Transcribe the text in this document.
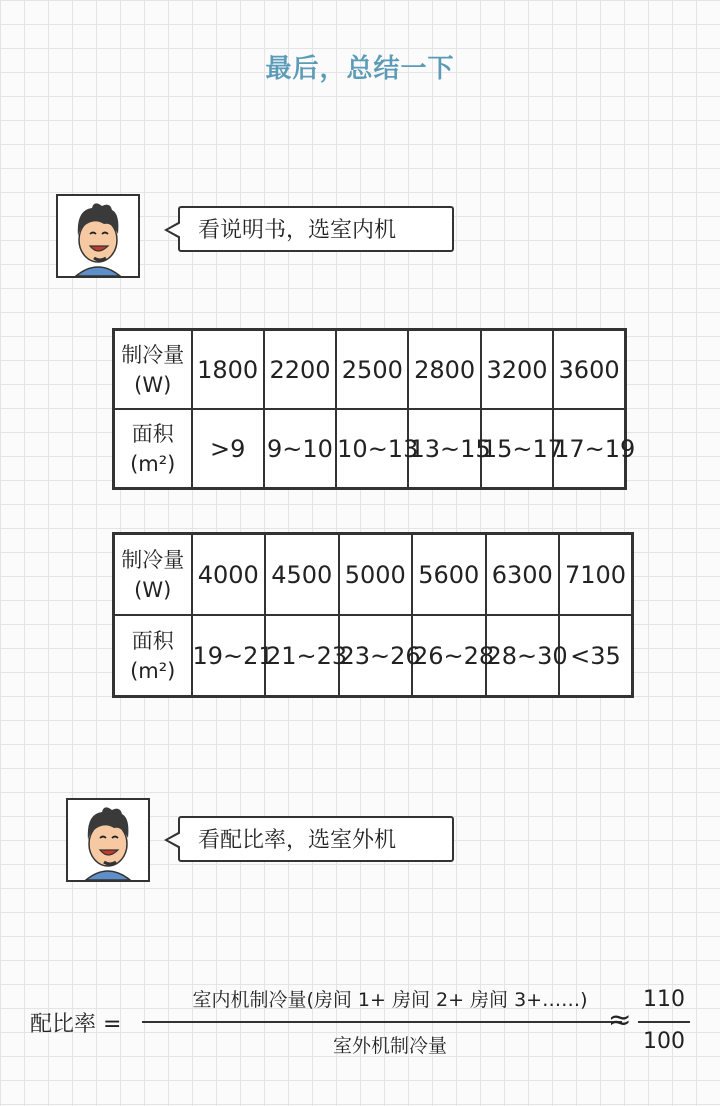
最后，总结一下
看说明书，选室内机
制冷量
(W)	1800	2200	2500	2800	3200	3600

面积
(m²)	>9	9~10	10~13	13~15	15~17	17~19
制冷量
(W)	4000	4500	5000	5600	6300	7100

面积
(m²)	19~21	21~23	23~26	26~28	28~30	<35
看配比率，选室外机
配比率 =
室内机制冷量(房间 1+ 房间 2+ 房间 3+……)
室外机制冷量
≈
110
100
